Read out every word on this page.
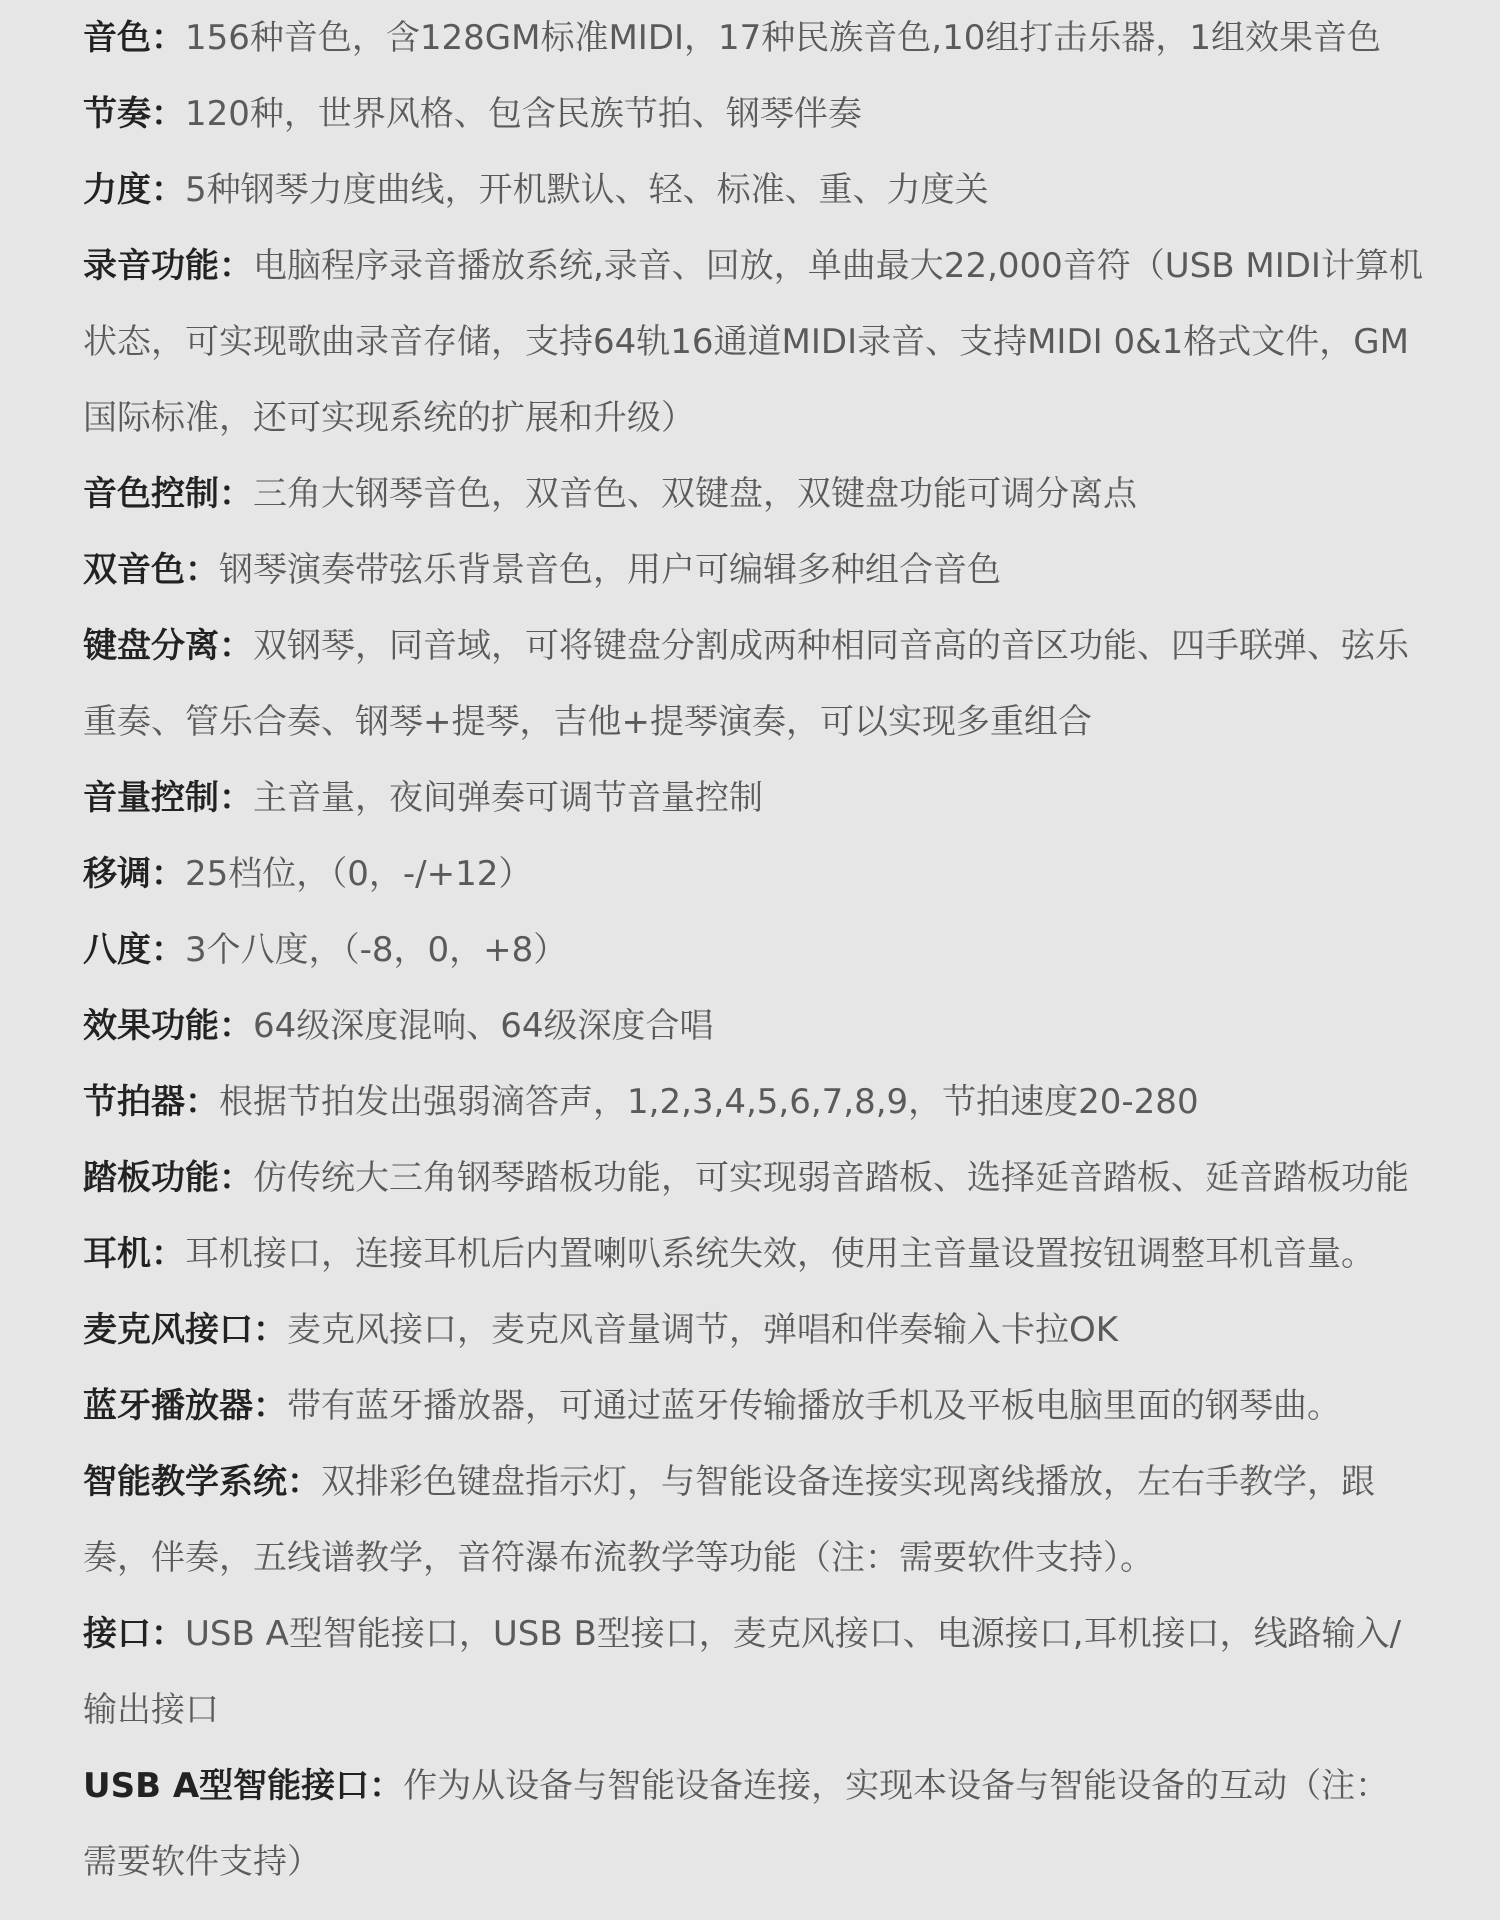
音色：156种音色，含128GM标准MIDI，17种民族音色,10组打击乐器，1组效果音色
节奏：120种，世界风格、包含民族节拍、钢琴伴奏
力度：5种钢琴力度曲线，开机默认、轻、标准、重、力度关
录音功能：电脑程序录音播放系统,录音、回放，单曲最大22,000音符（USB MIDI计算机状态，可实现歌曲录音存储，支持64轨16通道MIDI录音、支持MIDI 0&1格式文件，GM国际标准，还可实现系统的扩展和升级）
音色控制：三角大钢琴音色，双音色、双键盘，双键盘功能可调分离点
双音色：钢琴演奏带弦乐背景音色，用户可编辑多种组合音色
键盘分离：双钢琴，同音域，可将键盘分割成两种相同音高的音区功能、四手联弹、弦乐重奏、管乐合奏、钢琴+提琴，吉他+提琴演奏，可以实现多重组合
音量控制：主音量，夜间弹奏可调节音量控制
移调：25档位，（0，-/+12）
八度：3个八度，（-8，0，+8）
效果功能：64级深度混响、64级深度合唱
节拍器：根据节拍发出强弱滴答声，1,2,3,4,5,6,7,8,9，节拍速度20-280
踏板功能：仿传统大三角钢琴踏板功能，可实现弱音踏板、选择延音踏板、延音踏板功能
耳机：耳机接口，连接耳机后内置喇叭系统失效，使用主音量设置按钮调整耳机音量。
麦克风接口：麦克风接口，麦克风音量调节，弹唱和伴奏输入卡拉OK
蓝牙播放器：带有蓝牙播放器，可通过蓝牙传输播放手机及平板电脑里面的钢琴曲。
智能教学系统：双排彩色键盘指示灯，与智能设备连接实现离线播放，左右手教学，跟奏，伴奏，五线谱教学，音符瀑布流教学等功能（注：需要软件支持）。
接口：USB A型智能接口，USB B型接口，麦克风接口、电源接口,耳机接口，线路输入/输出接口
USB A型智能接口：作为从设备与智能设备连接，实现本设备与智能设备的互动（注：需要软件支持）
